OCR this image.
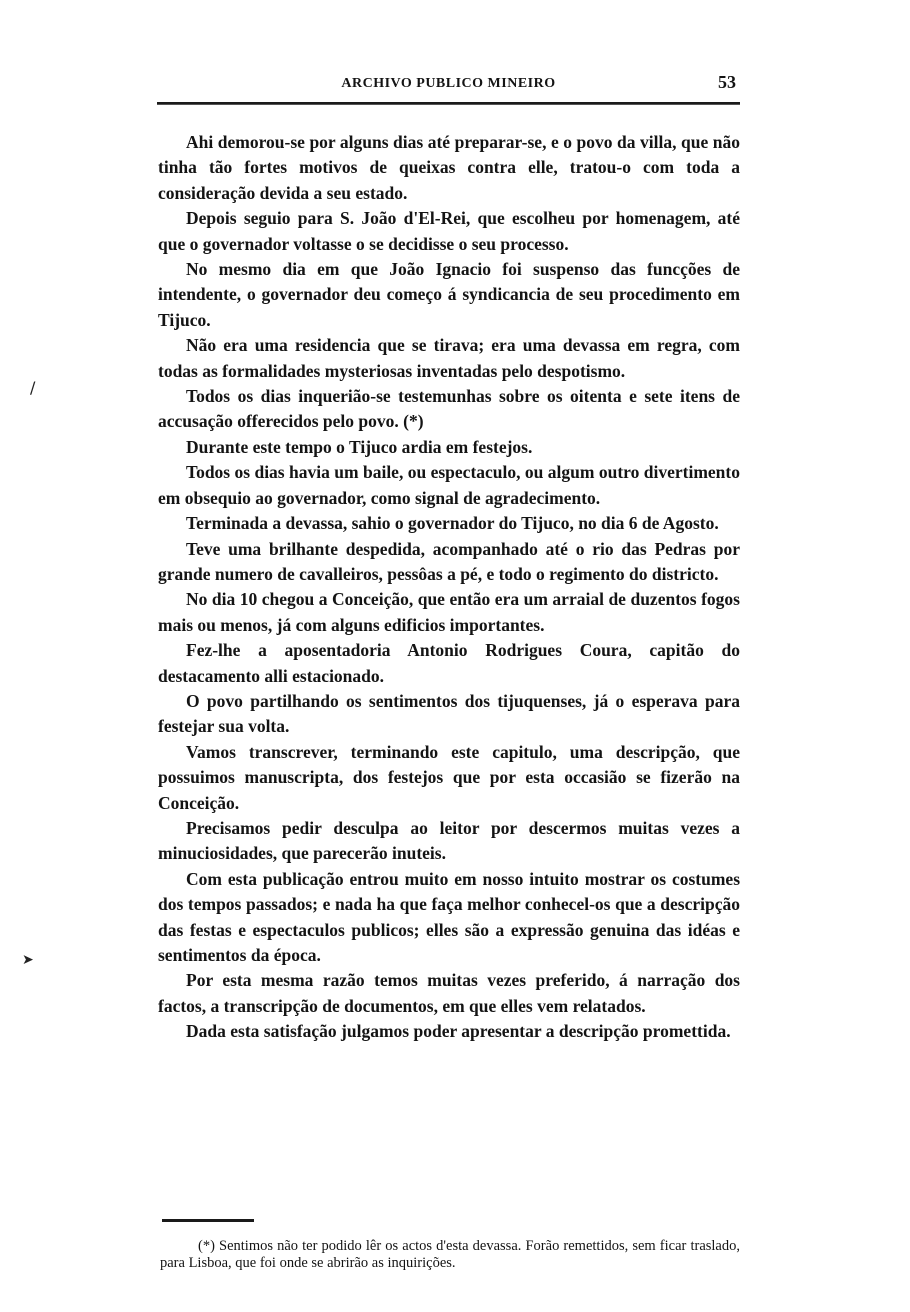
ARCHIVO PUBLICO MINEIRO	53

Ahi demorou-se por alguns dias até preparar-se, e o povo da villa, que não tinha tão fortes motivos de queixas contra elle, tratou-o com toda a consideração devida a seu estado.

Depois seguio para S. João d'El-Rei, que escolheu por homenagem, até que o governador voltasse o se decidisse o seu processo.

No mesmo dia em que João Ignacio foi suspenso das funcções de intendente, o governador deu começo á syndicancia de seu procedimento em Tijuco.

Não era uma residencia que se tirava; era uma devassa em regra, com todas as formalidades mysteriosas inventadas pelo despotismo.

Todos os dias inquerião-se testemunhas sobre os oitenta e sete itens de accusação offerecidos pelo povo. (*)

Durante este tempo o Tijuco ardia em festejos.

Todos os dias havia um baile, ou espectaculo, ou algum outro divertimento em obsequio ao governador, como signal de agradecimento.

Terminada a devassa, sahio o governador do Tijuco, no dia 6 de Agosto.

Teve uma brilhante despedida, acompanhado até o rio das Pedras por grande numero de cavalleiros, pessôas a pé, e todo o regimento do districto.

No dia 10 chegou a Conceição, que então era um arraial de duzentos fogos mais ou menos, já com alguns edificios importantes.

Fez-lhe a aposentadoria Antonio Rodrigues Coura, capitão do destacamento alli estacionado.

O povo partilhando os sentimentos dos tijuquenses, já o esperava para festejar sua volta.

Vamos transcrever, terminando este capitulo, uma descripção, que possuimos manuscripta, dos festejos que por esta occasião se fizerão na Conceição.

Precisamos pedir desculpa ao leitor por descermos muitas vezes a minuciosidades, que parecerão inuteis.

Com esta publicação entrou muito em nosso intuito mostrar os costumes dos tempos passados; e nada ha que faça melhor conhecel-os que a descripção das festas e espectaculos publicos; elles são a expressão genuina das idéas e sentimentos da época.

Por esta mesma razão temos muitas vezes preferido, á narração dos factos, a transcripção de documentos, em que elles vem relatados.

Dada esta satisfação julgamos poder apresentar a descripção promettida.

(*) Sentimos não ter podido lêr os actos d'esta devassa. Forão remettidos, sem ficar traslado, para Lisboa, que foi onde se abrirão as inquirições.

/
➤
